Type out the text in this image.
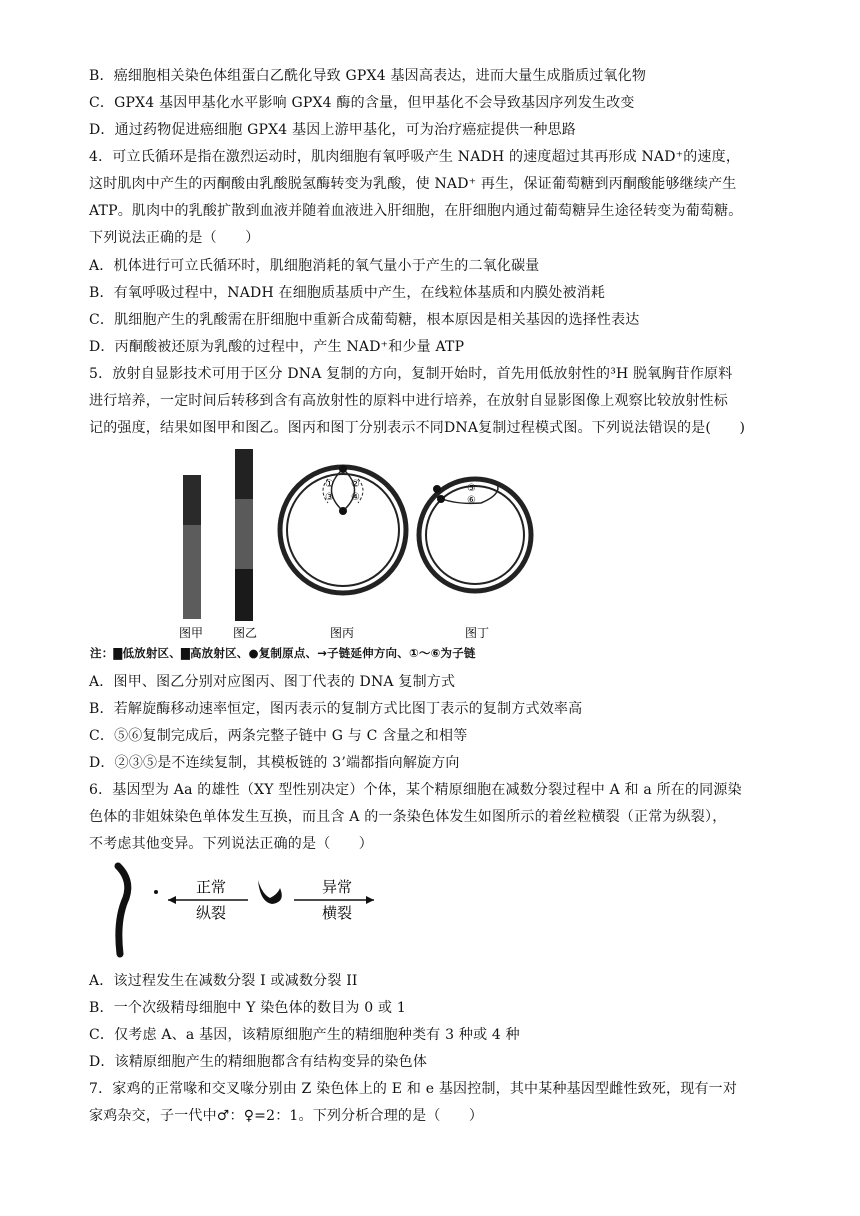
B．癌细胞相关染色体组蛋白乙酰化导致 GPX4 基因高表达，进而大量生成脂质过氧化物
C．GPX4 基因甲基化水平影响 GPX4 酶的含量，但甲基化不会导致基因序列发生改变
D．通过药物促进癌细胞 GPX4 基因上游甲基化，可为治疗癌症提供一种思路
4．可立氏循环是指在激烈运动时，肌肉细胞有氧呼吸产生 NADH 的速度超过其再形成 NAD⁺的速度，
这时肌肉中产生的丙酮酸由乳酸脱氢酶转变为乳酸，使 NAD⁺ 再生，保证葡萄糖到丙酮酸能够继续产生
ATP。肌肉中的乳酸扩散到血液并随着血液进入肝细胞，在肝细胞内通过葡萄糖异生途径转变为葡萄糖。
下列说法正确的是（　　）
A．机体进行可立氏循环时，肌细胞消耗的氧气量小于产生的二氧化碳量
B．有氧呼吸过程中，NADH 在细胞质基质中产生，在线粒体基质和内膜处被消耗
C．肌细胞产生的乳酸需在肝细胞中重新合成葡萄糖，根本原因是相关基因的选择性表达
D．丙酮酸被还原为乳酸的过程中，产生 NAD⁺和少量 ATP
5．放射自显影技术可用于区分 DNA 复制的方向，复制开始时，首先用低放射性的³H 脱氧胸苷作原料
进行培养，一定时间后转移到含有高放射性的原料中进行培养，在放射自显影图像上观察比较放射性标
记的强度，结果如图甲和图乙。图丙和图丁分别表示不同DNA复制过程模式图。下列说法错误的是(　　)
①
③
②
④
⑤
⑥
图甲 图乙	图丙	图丁
注：▇低放射区、▇高放射区、●复制原点、→子链延伸方向、①～⑥为子链
A．图甲、图乙分别对应图丙、图丁代表的 DNA 复制方式
B．若解旋酶移动速率恒定，图丙表示的复制方式比图丁表示的复制方式效率高
C．⑤⑥复制完成后，两条完整子链中 G 与 C 含量之和相等
D．②③⑤是不连续复制，其模板链的 3’端都指向解旋方向
6．基因型为 Aa 的雄性（XY 型性别决定）个体，某个精原细胞在减数分裂过程中 A 和 a 所在的同源染
色体的非姐妹染色单体发生互换，而且含 A 的一条染色体发生如图所示的着丝粒横裂（正常为纵裂），
不考虑其他变异。下列说法正确的是（　　）
正常
纵裂
异常
横裂
A．该过程发生在减数分裂 I 或减数分裂 II
B．一个次级精母细胞中 Y 染色体的数目为 0 或 1
C．仅考虑 A、a 基因，该精原细胞产生的精细胞种类有 3 种或 4 种
D．该精原细胞产生的精细胞都含有结构变异的染色体
7．家鸡的正常喙和交叉喙分别由 Z 染色体上的 E 和 e 基因控制，其中某种基因型雌性致死，现有一对
家鸡杂交，子一代中♂：♀=2：1。下列分析合理的是（　　）
